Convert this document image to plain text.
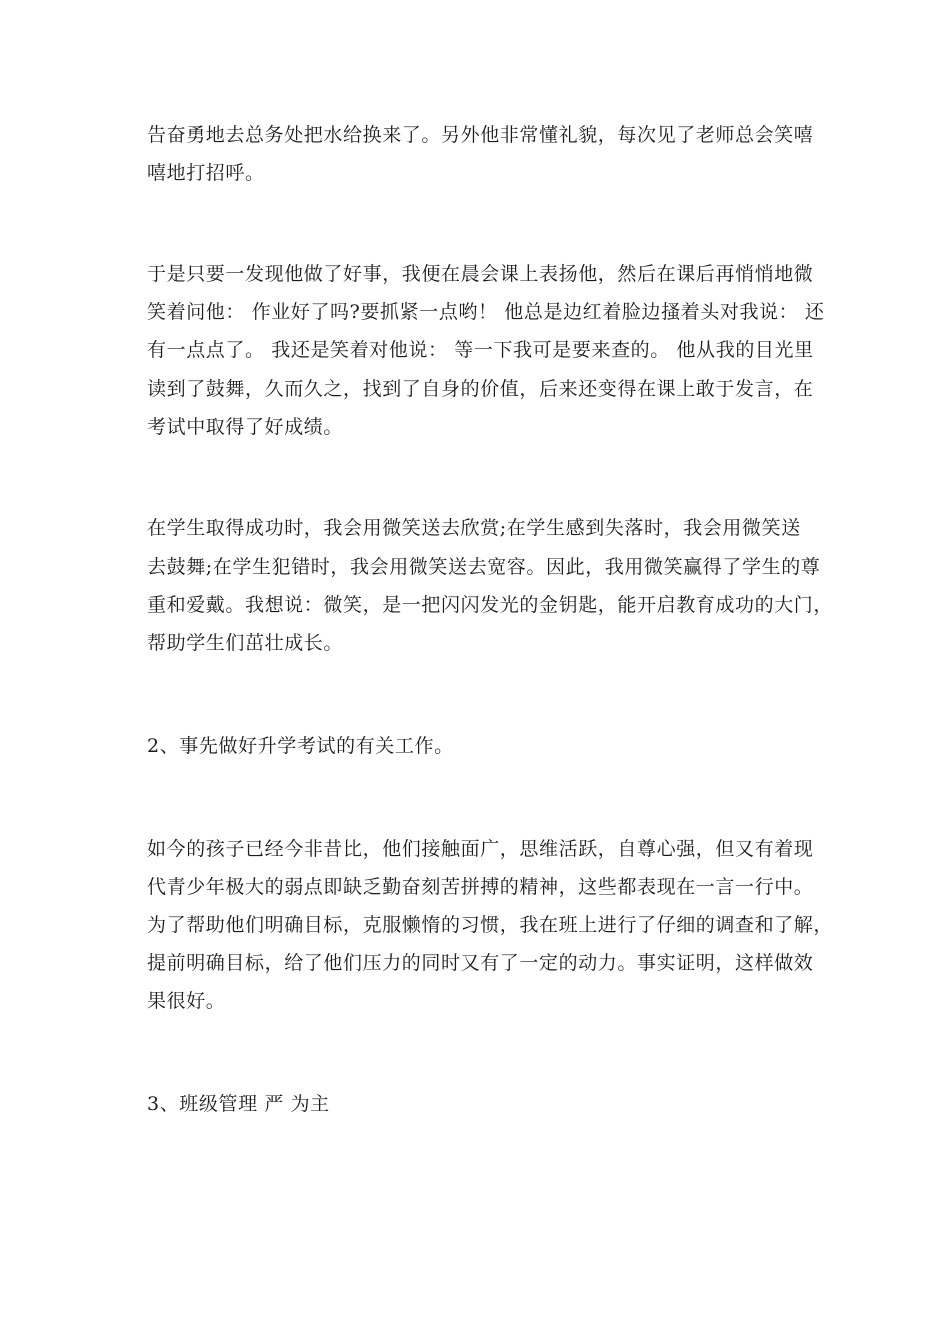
告奋勇地去总务处把水给换来了。另外他非常懂礼貌，每次见了老师总会笑嘻
嘻地打招呼。
于是只要一发现他做了好事，我便在晨会课上表扬他，然后在课后再悄悄地微
笑着问他： 作业好了吗?要抓紧一点哟！ 他总是边红着脸边搔着头对我说： 还
有一点点了。 我还是笑着对他说： 等一下我可是要来查的。 他从我的目光里
读到了鼓舞，久而久之，找到了自身的价值，后来还变得在课上敢于发言，在
考试中取得了好成绩。
在学生取得成功时，我会用微笑送去欣赏;在学生感到失落时，我会用微笑送
去鼓舞;在学生犯错时，我会用微笑送去宽容。因此，我用微笑赢得了学生的尊
重和爱戴。我想说：微笑，是一把闪闪发光的金钥匙，能开启教育成功的大门，
帮助学生们茁壮成长。
2、事先做好升学考试的有关工作。
如今的孩子已经今非昔比，他们接触面广，思维活跃，自尊心强，但又有着现
代青少年极大的弱点即缺乏勤奋刻苦拼搏的精神，这些都表现在一言一行中。
为了帮助他们明确目标，克服懒惰的习惯，我在班上进行了仔细的调查和了解，
提前明确目标，给了他们压力的同时又有了一定的动力。事实证明，这样做效
果很好。
3、班级管理 严 为主
